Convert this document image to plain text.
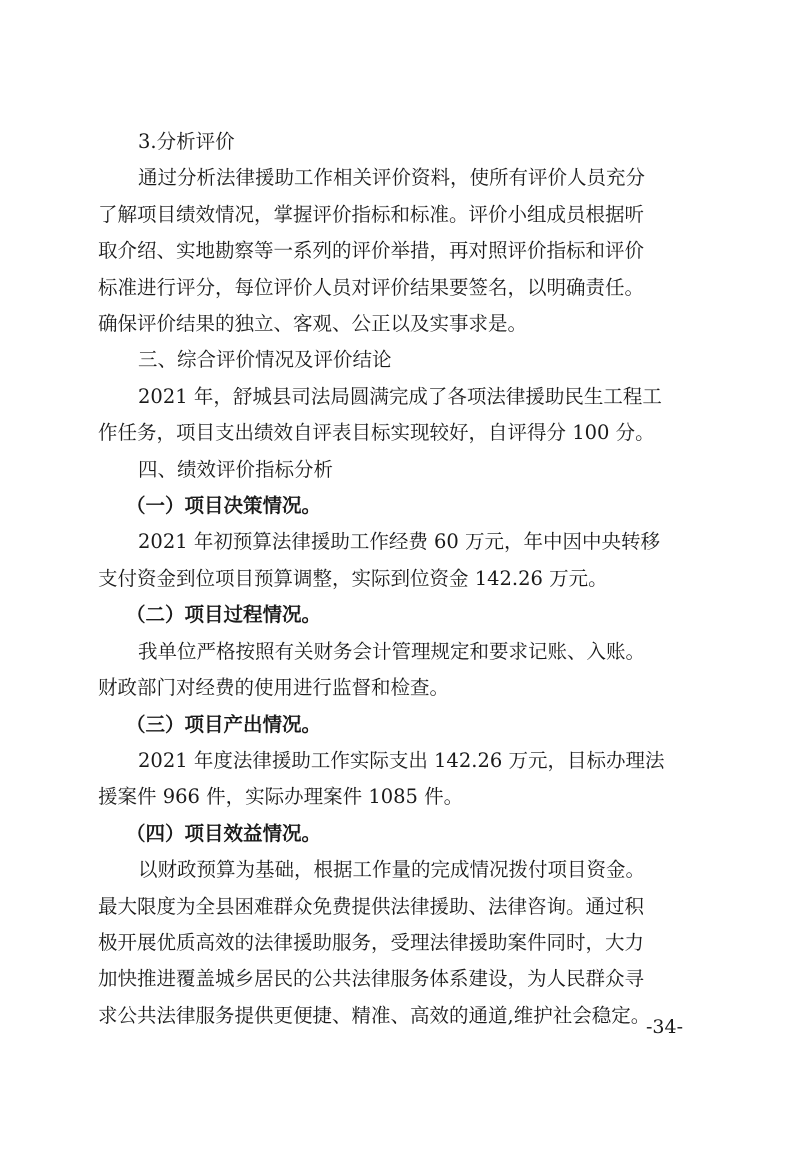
3.分析评价

通过分析法律援助工作相关评价资料，使所有评价人员充分
了解项目绩效情况，掌握评价指标和标准。评价小组成员根据听
取介绍、实地勘察等一系列的评价举措，再对照评价指标和评价
标准进行评分，每位评价人员对评价结果要签名，以明确责任。
确保评价结果的独立、客观、公正以及实事求是。

三、综合评价情况及评价结论

2021 年，舒城县司法局圆满完成了各项法律援助民生工程工
作任务，项目支出绩效自评表目标实现较好，自评得分 100 分。

四、绩效评价指标分析

（一）项目决策情况。

2021 年初预算法律援助工作经费 60 万元，年中因中央转移
支付资金到位项目预算调整，实际到位资金 142.26 万元。

（二）项目过程情况。

我单位严格按照有关财务会计管理规定和要求记账、入账。
财政部门对经费的使用进行监督和检查。

（三）项目产出情况。

2021 年度法律援助工作实际支出 142.26 万元，目标办理法
援案件 966 件，实际办理案件 1085 件。

（四）项目效益情况。

以财政预算为基础，根据工作量的完成情况拨付项目资金。
最大限度为全县困难群众免费提供法律援助、法律咨询。通过积
极开展优质高效的法律援助服务，受理法律援助案件同时，大力
加快推进覆盖城乡居民的公共法律服务体系建设，为人民群众寻
求公共法律服务提供更便捷、精准、高效的通道,维护社会稳定。

-34-
